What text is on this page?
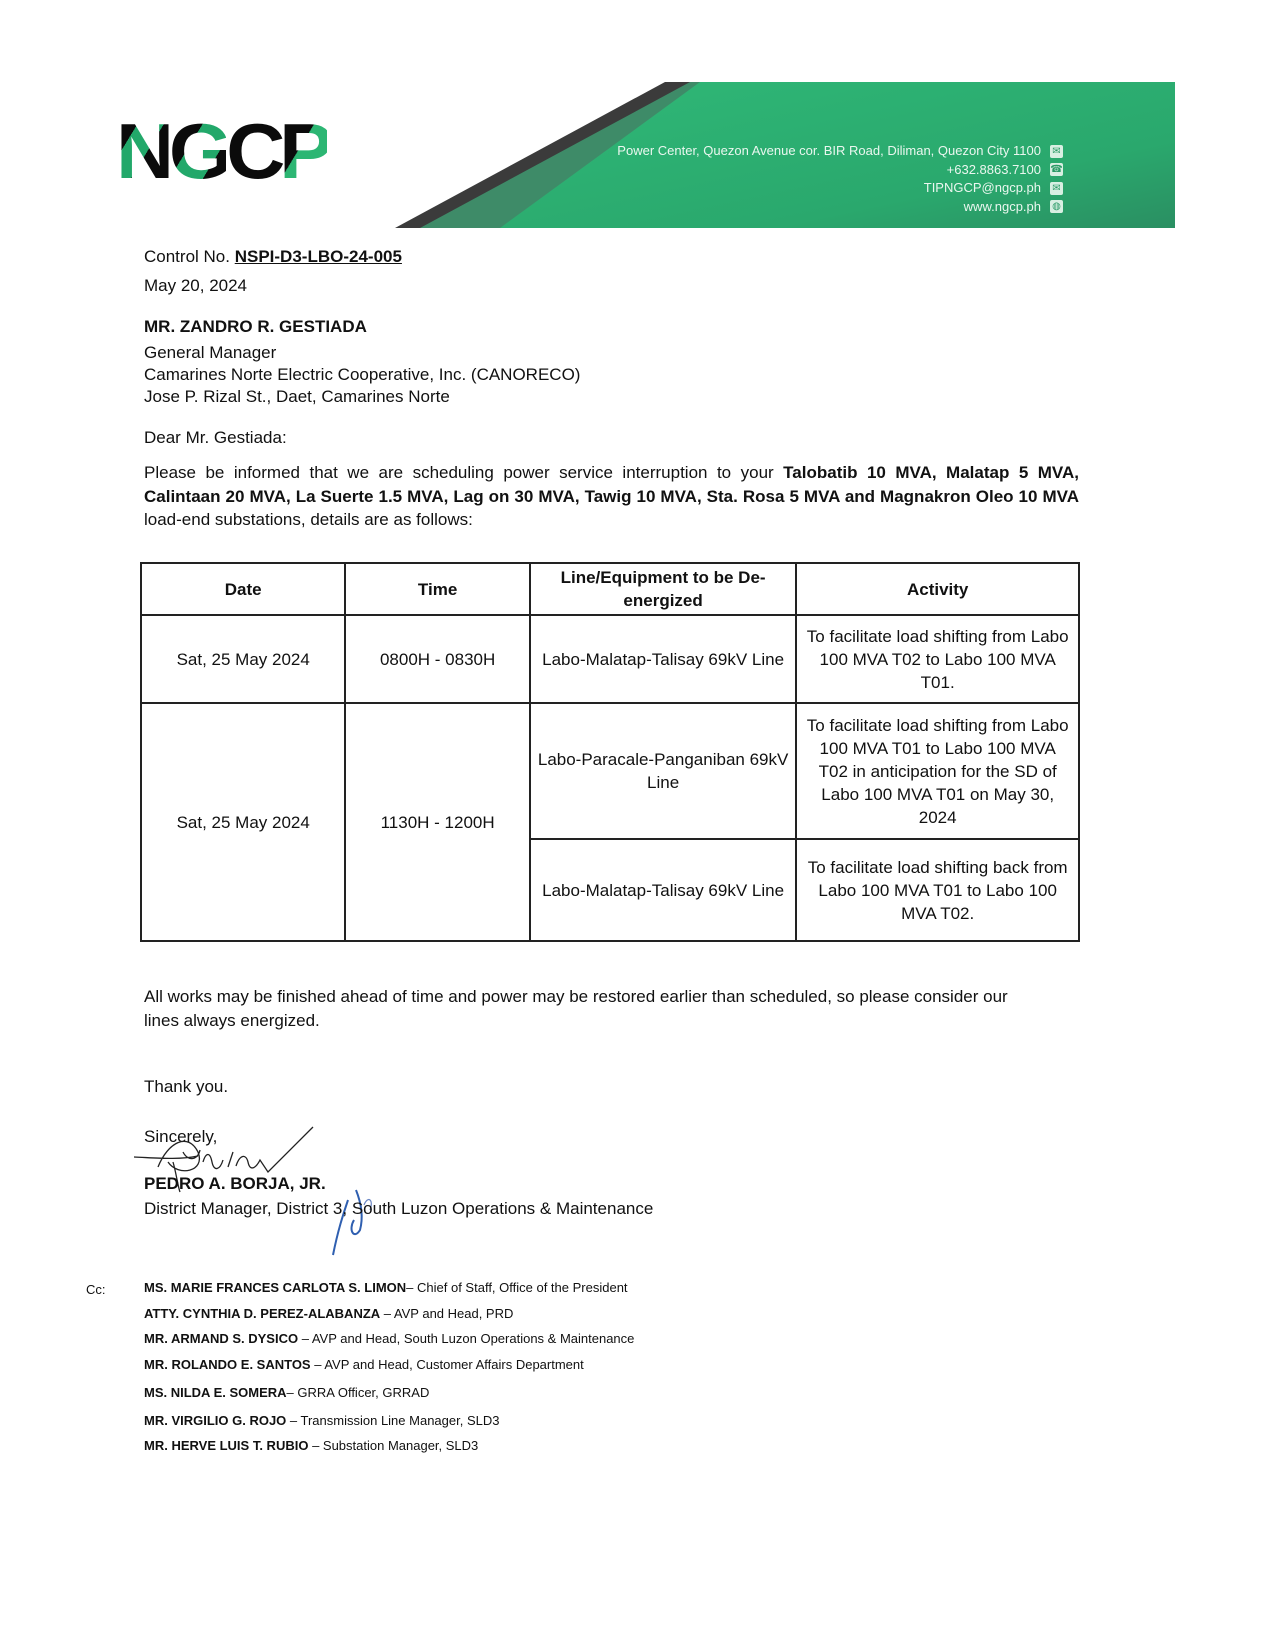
NGCP	Power Center, Quezon Avenue cor. BIR Road, Diliman, Quezon City 1100 ✉
+632.8863.7100 ☎
TIPNGCP@ngcp.ph ✉
www.ngcp.ph ◍
Control No. NSPI-D3-LBO-24-005
May 20, 2024
MR. ZANDRO R. GESTIADA
General Manager
Camarines Norte Electric Cooperative, Inc. (CANORECO)
Jose P. Rizal St., Daet, Camarines Norte
Dear Mr. Gestiada:
Please be informed that we are scheduling power service interruption to your Talobatib 10 MVA, Malatap 5 MVA, Calintaan 20 MVA, La Suerte 1.5 MVA, Lag on 30 MVA, Tawig 10 MVA, Sta. Rosa 5 MVA and Magnakron Oleo 10 MVA load-end substations, details are as follows:
Date	Time	Line/Equipment to be De-energized	Activity
Sat, 25 May 2024	0800H - 0830H	Labo-Malatap-Talisay 69kV Line	To facilitate load shifting from Labo 100 MVA T02 to Labo 100 MVA T01.
Sat, 25 May 2024	1130H - 1200H	Labo-Paracale-Panganiban 69kV Line	To facilitate load shifting from Labo 100 MVA T01 to Labo 100 MVA T02 in anticipation for the SD of Labo 100 MVA T01 on May 30, 2024
		Labo-Malatap-Talisay 69kV Line	To facilitate load shifting back from Labo 100 MVA T01 to Labo 100 MVA T02.
All works may be finished ahead of time and power may be restored earlier than scheduled, so please consider our lines always energized.
Thank you.
Sincerely,
PEDRO A. BORJA, JR.
District Manager, District 3, South Luzon Operations & Maintenance
Cc:	MS. MARIE FRANCES CARLOTA S. LIMON– Chief of Staff, Office of the President
ATTY. CYNTHIA D. PEREZ-ALABANZA – AVP and Head, PRD
MR. ARMAND S. DYSICO – AVP and Head, South Luzon Operations & Maintenance
MR. ROLANDO E. SANTOS – AVP and Head, Customer Affairs Department
MS. NILDA E. SOMERA– GRRA Officer, GRRAD
MR. VIRGILIO G. ROJO – Transmission Line Manager, SLD3
MR. HERVE LUIS T. RUBIO – Substation Manager, SLD3
